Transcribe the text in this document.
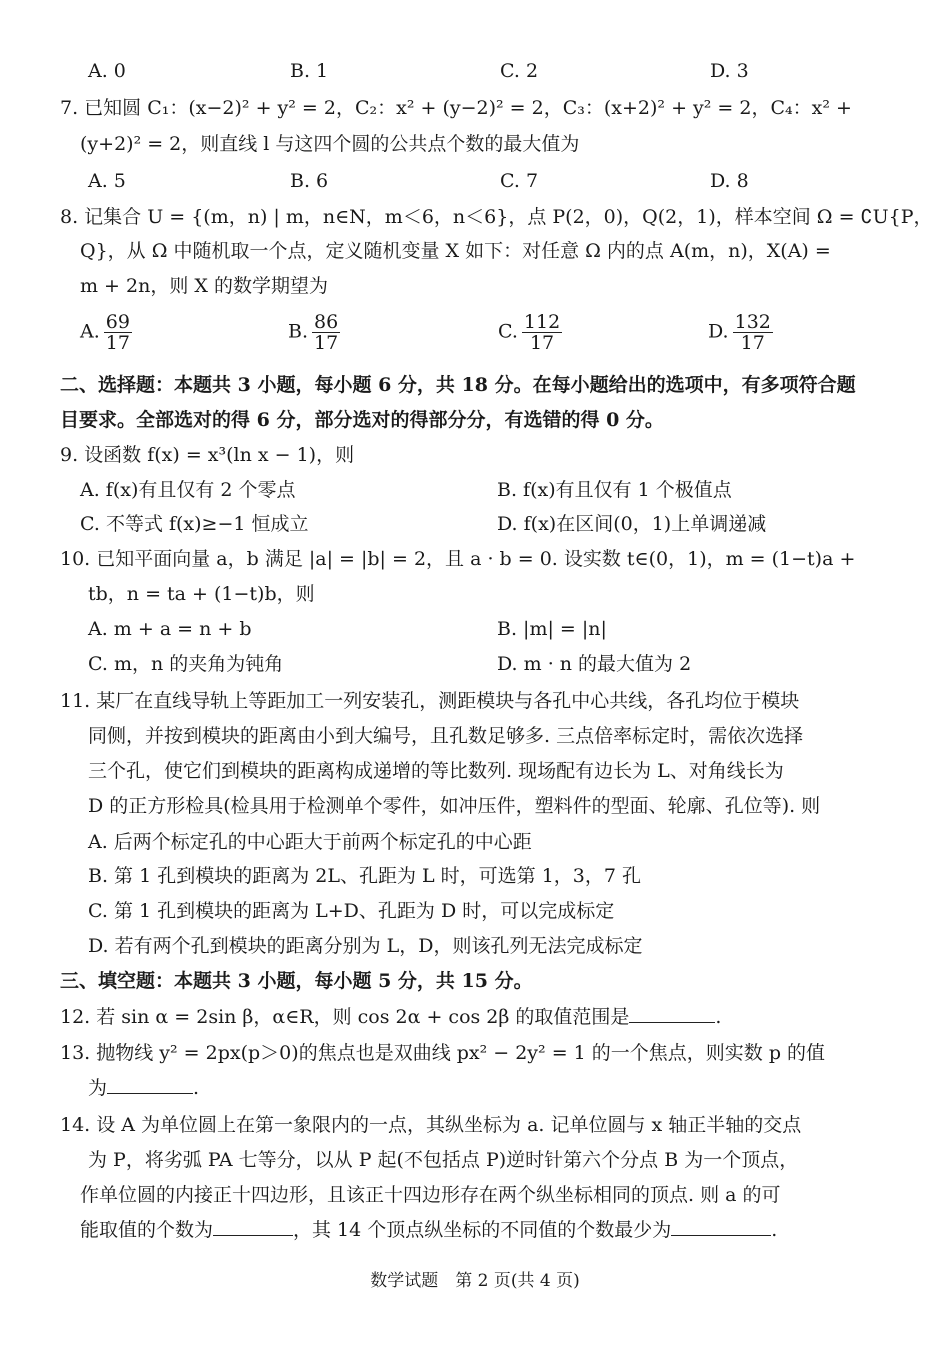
A. 0	B. 1	C. 2	D. 3
7. 已知圆 C₁：(x−2)² + y² = 2，C₂：x² + (y−2)² = 2，C₃：(x+2)² + y² = 2，C₄：x² +
(y+2)² = 2，则直线 l 与这四个圆的公共点个数的最大值为
A. 5	B. 6	C. 7	D. 8
8. 记集合 U = {(m，n) | m，n∈N，m＜6，n＜6}，点 P(2，0)，Q(2，1)，样本空间 Ω = ∁U{P，
Q}，从 Ω 中随机取一个点，定义随机变量 X 如下：对任意 Ω 内的点 A(m，n)，X(A) =
m + 2n，则 X 的数学期望为
A. $\frac{69}{17}$	B. $\frac{86}{17}$	C. $\frac{112}{17}$	D. $\frac{132}{17}$
二、选择题：本题共 3 小题，每小题 6 分，共 18 分。在每小题给出的选项中，有多项符合题
目要求。全部选对的得 6 分，部分选对的得部分分，有选错的得 0 分。
9. 设函数 f(x) = x³(ln x − 1)，则
A. f(x)有且仅有 2 个零点	B. f(x)有且仅有 1 个极值点
C. 不等式 f(x)≥−1 恒成立	D. f(x)在区间(0，1)上单调递减
10. 已知平面向量 a，b 满足 |a| = |b| = 2，且 a · b = 0. 设实数 t∈(0，1)，m = (1−t)a +
tb，n = ta + (1−t)b，则
A. m + a = n + b	B. |m| = |n|
C. m，n 的夹角为钝角	D. m · n 的最大值为 2
11. 某厂在直线导轨上等距加工一列安装孔，测距模块与各孔中心共线，各孔均位于模块
同侧，并按到模块的距离由小到大编号，且孔数足够多. 三点倍率标定时，需依次选择
三个孔，使它们到模块的距离构成递增的等比数列. 现场配有边长为 L、对角线长为
D 的正方形检具(检具用于检测单个零件，如冲压件，塑料件的型面、轮廓、孔位等). 则
A. 后两个标定孔的中心距大于前两个标定孔的中心距
B. 第 1 孔到模块的距离为 2L、孔距为 L 时，可选第 1，3，7 孔
C. 第 1 孔到模块的距离为 L+D、孔距为 D 时，可以完成标定
D. 若有两个孔到模块的距离分别为 L，D，则该孔列无法完成标定
三、填空题：本题共 3 小题，每小题 5 分，共 15 分。
12. 若 sin α = 2sin β，α∈R，则 cos 2α + cos 2β 的取值范围是	.
13. 抛物线 y² = 2px(p＞0)的焦点也是双曲线 px² − 2y² = 1 的一个焦点，则实数 p 的值
为	.
14. 设 A 为单位圆上在第一象限内的一点，其纵坐标为 a. 记单位圆与 x 轴正半轴的交点
为 P，将劣弧 PA 七等分，以从 P 起(不包括点 P)逆时针第六个分点 B 为一个顶点，
作单位圆的内接正十四边形，且该正十四边形存在两个纵坐标相同的顶点. 则 a 的可
能取值的个数为	，其 14 个顶点纵坐标的不同值的个数最少为	.
数学试题　第 2 页(共 4 页)
